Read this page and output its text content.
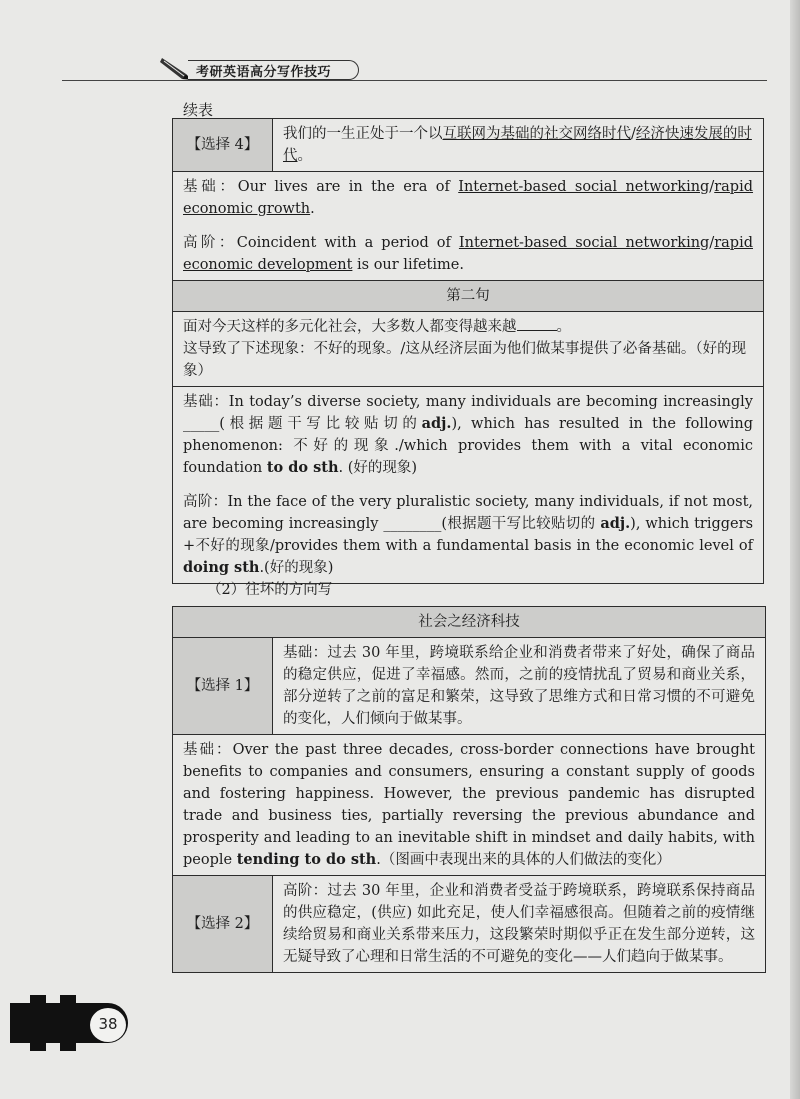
考研英语高分写作技巧
续表
【选择 4】	我们的一生正处于一个以互联网为基础的社交网络时代/经济快速发展的时代。

基础：Our lives are in the era of Internet-based social networking/rapid economic growth.
高阶：Coincident with a period of Internet-based social networking/rapid economic development is our lifetime.

第二句

面对今天这样的多元化社会，大多数人都变得越来越	。
这导致了下述现象：不好的现象。/这从经济层面为他们做某事提供了必备基础。（好的现象）

基础：In today’s diverse society, many individuals are becoming increasingly _____(根据题干写比较贴切的adj.), which has resulted in the following phenomenon: 不好的现象./which provides them with a vital economic foundation to do sth. (好的现象)
高阶：In the face of the very pluralistic society, many individuals, if not most, are becoming increasingly ________(根据题干写比较贴切的 adj.), which triggers +不好的现象/provides them with a fundamental basis in the economic level of doing sth.(好的现象)
（2）往坏的方向写
社会之经济科技	
【选择 1】	基础：过去 30 年里，跨境联系给企业和消费者带来了好处，确保了商品的稳定供应，促进了幸福感。然而，之前的疫情扰乱了贸易和商业关系，部分逆转了之前的富足和繁荣，这导致了思维方式和日常习惯的不可避免的变化，人们倾向于做某事。
基础：Over the past three decades, cross-border connections have brought benefits to companies and consumers, ensuring a constant supply of goods and fostering happiness. However, the previous pandemic has disrupted trade and business ties, partially reversing the previous abundance and prosperity and leading to an inevitable shift in mindset and daily habits, with people tending to do sth.（图画中表现出来的具体的人们做法的变化）	
【选择 2】	高阶：过去 30 年里，企业和消费者受益于跨境联系，跨境联系保持商品的供应稳定，(供应) 如此充足，使人们幸福感很高。但随着之前的疫情继续给贸易和商业关系带来压力，这段繁荣时期似乎正在发生部分逆转，这无疑导致了心理和日常生活的不可避免的变化——人们趋向于做某事。
38
